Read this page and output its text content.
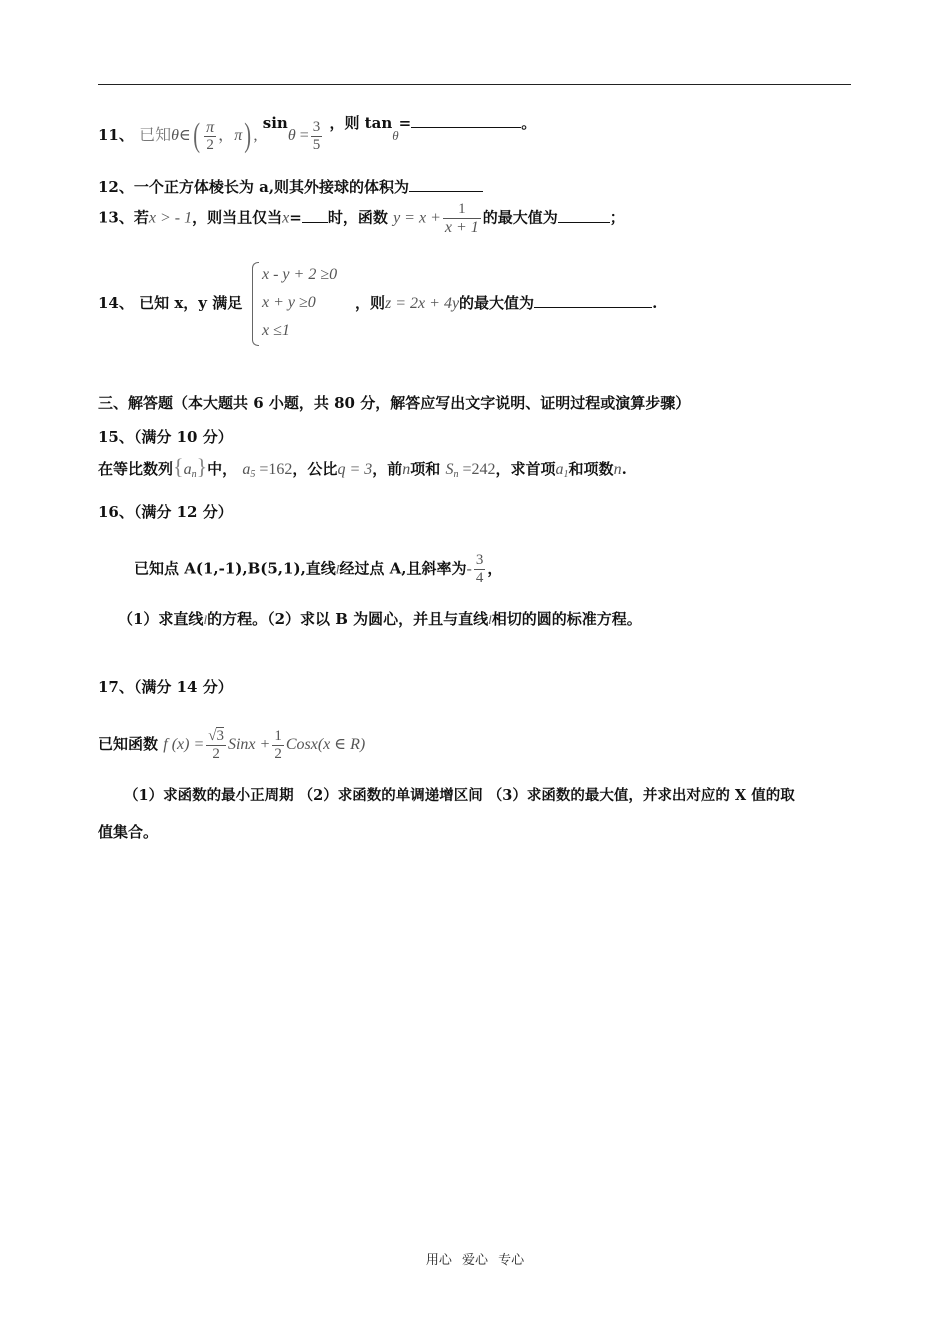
11、 已知θ∈( $\frac{\pi}{2}$ ，π) , $\sin\theta = \frac{3}{5}$ ，则 tanθ=	。
12、一个正方体棱长为 a,则其外接球的体积为
13、若x > - 1，则当且仅当x= 时，函数 $y = x + \frac{1}{x + 1}$ 的最大值为	；
14、 已知 x，y 满足
x - y + 2 ≥0
x + y ≥0
x ≤1
，则z = 2x + 4y的最大值为	.
三、解答题（本大题共 6 小题，共 80 分，解答应写出文字说明、证明过程或演算步骤）
15、（满分 10 分）
在等比数列$\{a_n\}$中， $a_5 =162$，公比q = 3，前n项和 $S_n =242$，求首项$a_1$和项数n.
16、（满分 12 分）
已知点 A(1,-1),B(5,1),直线l经过点 A,且斜率为- $\frac{3}{4}$ ，
（1）求直线l的方程。（2）求以 B 为圆心，并且与直线l相切的圆的标准方程。
17、（满分 14 分）
已知函数 f $(x) = \frac{√3}{2}$ Sinx + $\frac{1}{2}$ Cosx(x ∈ R)
（1）求函数的最小正周期 （2）求函数的单调递增区间 （3）求函数的最大值，并求出对应的 X 值的取
值集合。
用心 爱心 专心
